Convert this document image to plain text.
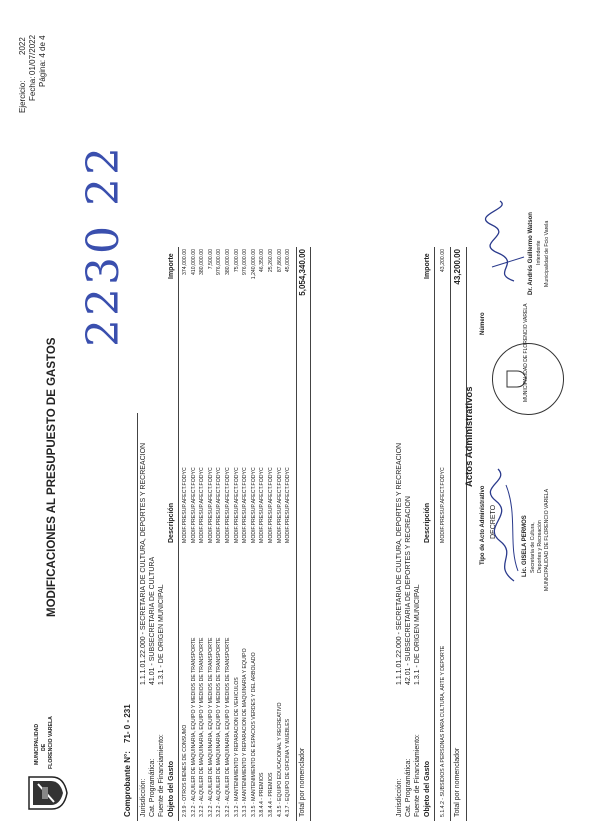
MUNICIPALIDAD DE FLORENCIO VARELA
Ejercicio:
2022
Fecha:
01/07/2022 Página: 4 de 4
MODIFICACIONES AL PRESUPUESTO DE GASTOS
2230 22
Comprobante N°:
71- 0 - 231
Jurisdicción:
1.1.1.01.22.000 - SECRETARIA DE CULTURA, DEPORTES Y RECREACION
Cat. Programática:
41.01 - SUBSECRETARIA DE CULTURA
Fuente de Financiamiento:
1.3.1 - DE ORIGEN MUNICIPAL
Objeto del Gasto
Descripción
Importe
2.9.9 - OTROS BIENES DE CONSUMO 3.2.2 - ALQUILER DE MAQUINARIA, EQUIPO Y MEDIOS DE TRANSPORTE 3.2.2 - ALQUILER DE MAQUINARIA, EQUIPO Y MEDIOS DE TRANSPORTE 3.2.2 - ALQUILER DE MAQUINARIA, EQUIPO Y MEDIOS DE TRANSPORTE 3.2.2 - ALQUILER DE MAQUINARIA, EQUIPO Y MEDIOS DE TRANSPORTE 3.2.2 - ALQUILER DE MAQUINARIA, EQUIPO Y MEDIOS DE TRANSPORTE 3.3.2 - MANTENIMIENTO Y REPARACION DE VEHICULOS 3.3.3 - MANTENIMIENTO Y REPARACION DE MAQUINARIA Y EQUIPO 3.3.5 - MANTENIMIENTO DE ESPACIOS VERDES Y DEL ARBOLADO 3.8.4.4 - PREMIOS 3.8.4.4 - PREMIOS 4.3.5 - EQUIPO EDUCACIONAL Y RECREATIVO 4.3.7 - EQUIPO DE OFICINA Y MUEBLES
MODIF.PRESUP.AFECT.FODYC MODIF.PRESUP.AFECT.FODYC MODIF.PRESUP.AFECT.FODYC MODIF.PRESUP.AFECT.FODYC MODIF.PRESUP.AFECT.FODYC MODIF.PRESUP.AFECT.FODYC MODIF.PRESUP.AFECT.FODYC MODIF.PRESUP.AFECT.FODYC MODIF.PRESUP.AFECT.FODYC MODIF.PRESUP.AFECT.FODYC MODIF.PRESUP.AFECT.FODYC MODIF.PRESUP.AFECT.FODYC MODIF.PRESUP.AFECT.FODYC
374,000.00 410,000.00 380,000.00 7,500.00 976,000.00 380,000.00 75,000.00 976,000.00 1,240,000.00 46,350.00 25,260.00 87,860.00 45,000.00
Total por nomenclador
5,054,340.00
Jurisdicción:
1.1.1.01.22.000 - SECRETARIA DE CULTURA, DEPORTES Y RECREACION
Cat. Programática:
42.01 - SUBSECRETARIA DE DEPORTES Y RECREACION
Fuente de Financiamiento:
1.3.1 - DE ORIGEN MUNICIPAL
Objeto del Gasto
Descripción
Importe
5.1.4.2 - SUBSIDIOS A PERSONAS PARA CULTURA, ARTE Y DEPORTE
MODIF.PRESUP.AFECT.FODYC
43,200.00
Total por nomenclador
43,200.00
Actos Administrativos
Tipo de Acto Administrativo
Número
DECRETO	Lic. GISELA PERMOS Secretaría de Cultura, Deportes y Recreación MUNICIPALIDAD DE FLORENCIO VARELA
MUNICIPALIDAD DE FLORENCIO VARELA
Dr. Andrés Guillermo Watson Intendente Municipalidad de Fcio Varela
